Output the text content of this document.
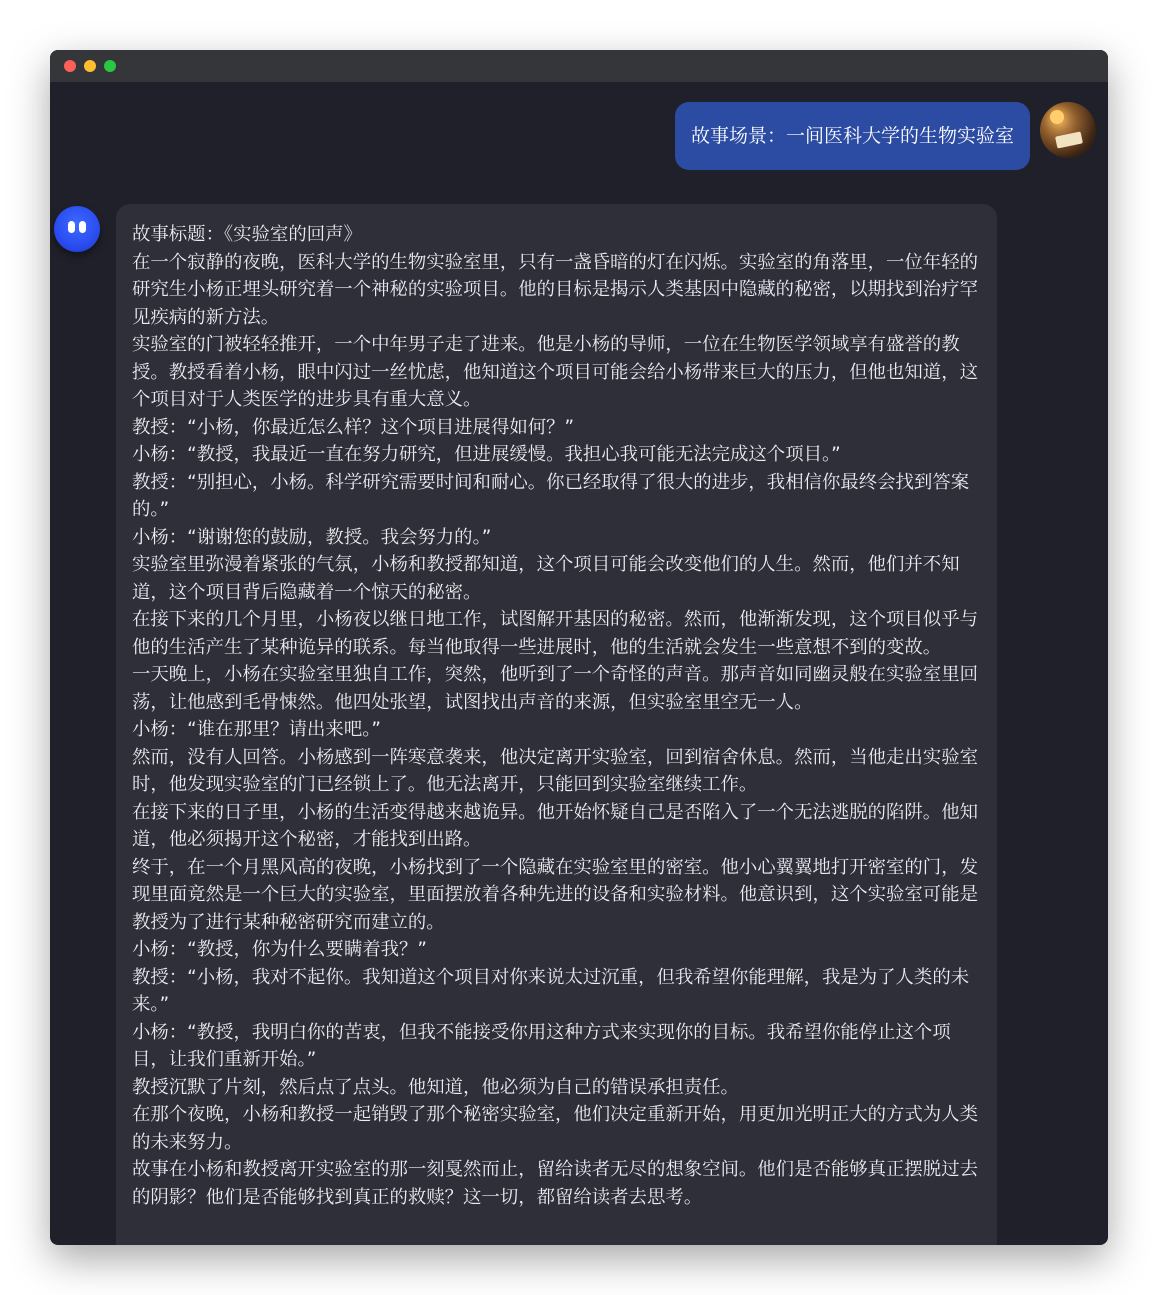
故事场景：一间医科大学的生物实验室

故事标题：《实验室的回声》

在一个寂静的夜晚，医科大学的生物实验室里，只有一盏昏暗的灯在闪烁。实验室的角落里，一位年轻的研究生小杨正埋头研究着一个神秘的实验项目。他的目标是揭示人类基因中隐藏的秘密，以期找到治疗罕见疾病的新方法。

实验室的门被轻轻推开，一个中年男子走了进来。他是小杨的导师，一位在生物医学领域享有盛誉的教授。教授看着小杨，眼中闪过一丝忧虑，他知道这个项目可能会给小杨带来巨大的压力，但他也知道，这个项目对于人类医学的进步具有重大意义。

教授：“小杨，你最近怎么样？这个项目进展得如何？”

小杨：“教授，我最近一直在努力研究，但进展缓慢。我担心我可能无法完成这个项目。”

教授：“别担心，小杨。科学研究需要时间和耐心。你已经取得了很大的进步，我相信你最终会找到答案的。”

小杨：“谢谢您的鼓励，教授。我会努力的。”

实验室里弥漫着紧张的气氛，小杨和教授都知道，这个项目可能会改变他们的人生。然而，他们并不知道，这个项目背后隐藏着一个惊天的秘密。

在接下来的几个月里，小杨夜以继日地工作，试图解开基因的秘密。然而，他渐渐发现，这个项目似乎与他的生活产生了某种诡异的联系。每当他取得一些进展时，他的生活就会发生一些意想不到的变故。

一天晚上，小杨在实验室里独自工作，突然，他听到了一个奇怪的声音。那声音如同幽灵般在实验室里回荡，让他感到毛骨悚然。他四处张望，试图找出声音的来源，但实验室里空无一人。

小杨：“谁在那里？请出来吧。”

然而，没有人回答。小杨感到一阵寒意袭来，他决定离开实验室，回到宿舍休息。然而，当他走出实验室时，他发现实验室的门已经锁上了。他无法离开，只能回到实验室继续工作。

在接下来的日子里，小杨的生活变得越来越诡异。他开始怀疑自己是否陷入了一个无法逃脱的陷阱。他知道，他必须揭开这个秘密，才能找到出路。

终于，在一个月黑风高的夜晚，小杨找到了一个隐藏在实验室里的密室。他小心翼翼地打开密室的门，发现里面竟然是一个巨大的实验室，里面摆放着各种先进的设备和实验材料。他意识到，这个实验室可能是教授为了进行某种秘密研究而建立的。

小杨：“教授，你为什么要瞒着我？”

教授：“小杨，我对不起你。我知道这个项目对你来说太过沉重，但我希望你能理解，我是为了人类的未来。”

小杨：“教授，我明白你的苦衷，但我不能接受你用这种方式来实现你的目标。我希望你能停止这个项目，让我们重新开始。”

教授沉默了片刻，然后点了点头。他知道，他必须为自己的错误承担责任。

在那个夜晚，小杨和教授一起销毁了那个秘密实验室，他们决定重新开始，用更加光明正大的方式为人类的未来努力。

故事在小杨和教授离开实验室的那一刻戛然而止，留给读者无尽的想象空间。他们是否能够真正摆脱过去的阴影？他们是否能够找到真正的救赎？这一切，都留给读者去思考。
